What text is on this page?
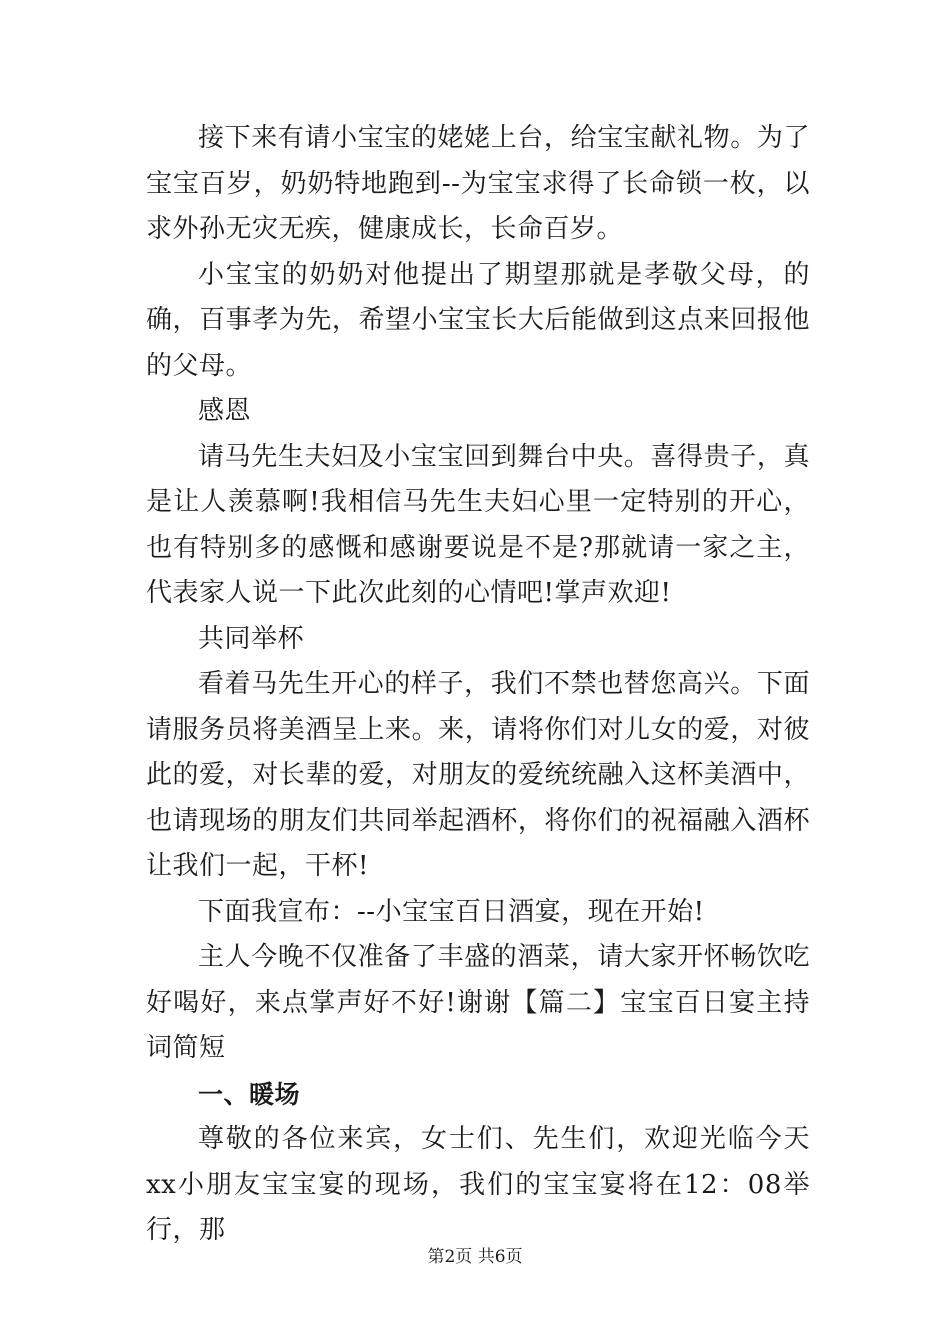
接下来有请小宝宝的姥姥上台，给宝宝献礼物。为了宝宝百岁，奶奶特地跑到--为宝宝求得了长命锁一枚，以求外孙无灾无疾，健康成长，长命百岁。

小宝宝的奶奶对他提出了期望那就是孝敬父母，的确，百事孝为先，希望小宝宝长大后能做到这点来回报他的父母。

感恩

请马先生夫妇及小宝宝回到舞台中央。喜得贵子，真是让人羡慕啊!我相信马先生夫妇心里一定特别的开心，也有特别多的感慨和感谢要说是不是?那就请一家之主，代表家人说一下此次此刻的心情吧!掌声欢迎!

共同举杯

看着马先生开心的样子，我们不禁也替您高兴。下面请服务员将美酒呈上来。来，请将你们对儿女的爱，对彼此的爱，对长辈的爱，对朋友的爱统统融入这杯美酒中，也请现场的朋友们共同举起酒杯，将你们的祝福融入酒杯让我们一起，干杯!

下面我宣布：--小宝宝百日酒宴，现在开始!

主人今晚不仅准备了丰盛的酒菜，请大家开怀畅饮吃好喝好，来点掌声好不好!谢谢【篇二】宝宝百日宴主持词简短

一、暖场

尊敬的各位来宾，女士们、先生们，欢迎光临今天xx小朋友宝宝宴的现场，我们的宝宝宴将在12：08举行，那

第2页 共6页
